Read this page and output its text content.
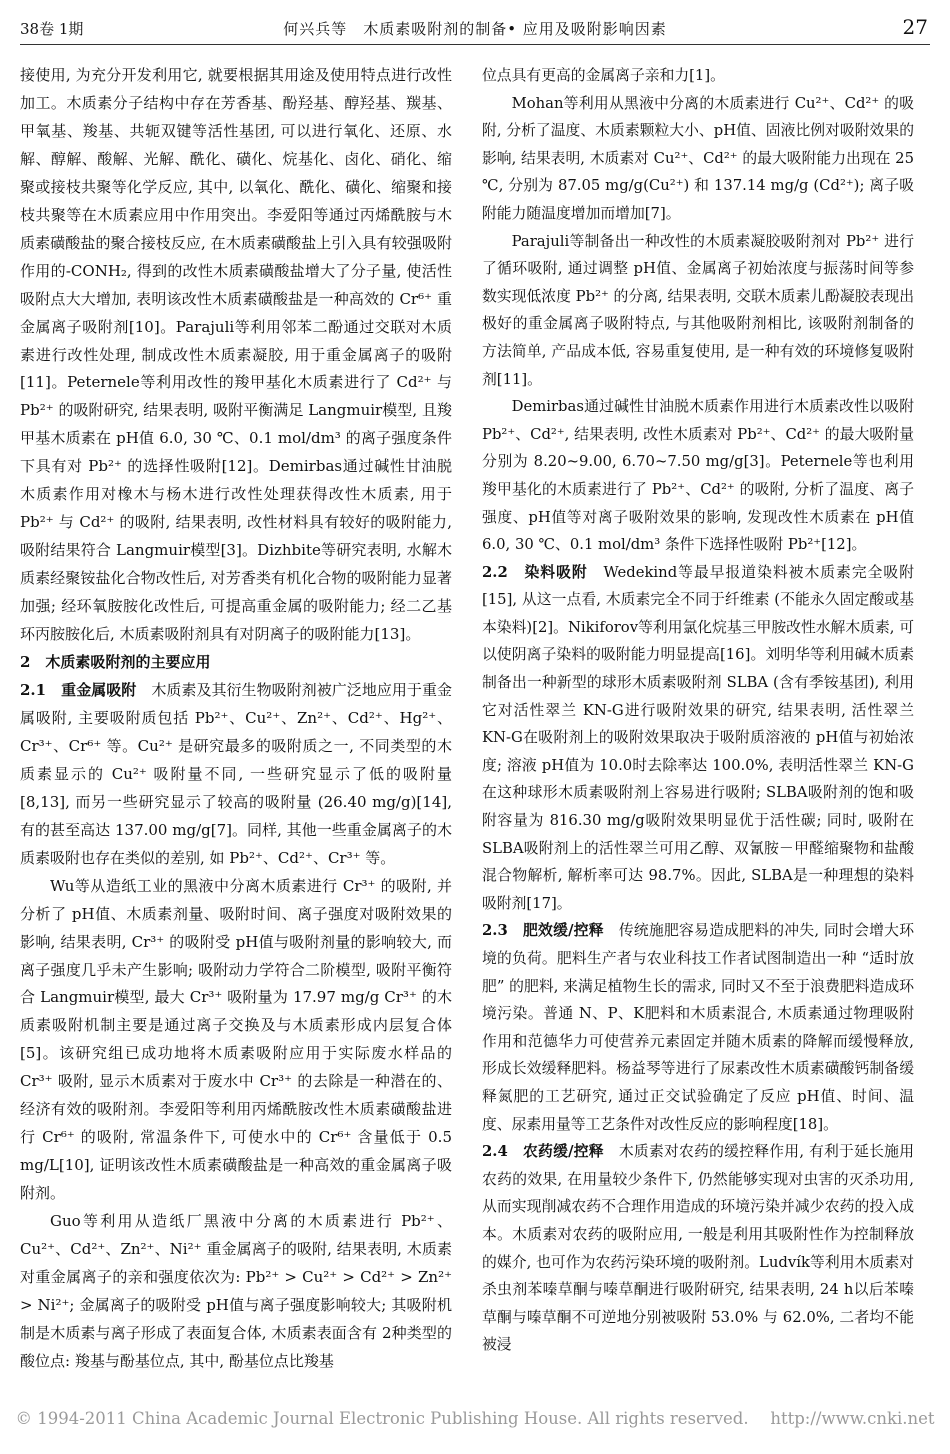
38卷 1期	何兴兵等　木质素吸附剂的制备• 应用及吸附影响因素	27

接使用, 为充分开发利用它, 就要根据其用途及使用特点进行改性加工。木质素分子结构中存在芳香基、酚羟基、醇羟基、羰基、甲氧基、羧基、共轭双键等活性基团, 可以进行氧化、还原、水解、醇解、酸解、光解、酰化、磺化、烷基化、卤化、硝化、缩聚或接枝共聚等化学反应, 其中, 以氧化、酰化、磺化、缩聚和接枝共聚等在木质素应用中作用突出。李爱阳等通过丙烯酰胺与木质素磺酸盐的聚合接枝反应, 在木质素磺酸盐上引入具有较强吸附作用的-CONH₂, 得到的改性木质素磺酸盐增大了分子量, 使活性吸附点大大增加, 表明该改性木质素磺酸盐是一种高效的 Cr⁶⁺ 重金属离子吸附剂[10]。Parajuli等利用邻苯二酚通过交联对木质素进行改性处理, 制成改性木质素凝胶, 用于重金属离子的吸附[11]。Peternele等利用改性的羧甲基化木质素进行了 Cd²⁺ 与 Pb²⁺ 的吸附研究, 结果表明, 吸附平衡满足 Langmuir模型, 且羧甲基木质素在 pH值 6.0, 30 ℃、0.1 mol/dm³ 的离子强度条件下具有对 Pb²⁺ 的选择性吸附[12]。Demirbas通过碱性甘油脱木质素作用对橡木与杨木进行改性处理获得改性木质素, 用于 Pb²⁺ 与 Cd²⁺ 的吸附, 结果表明, 改性材料具有较好的吸附能力, 吸附结果符合 Langmuir模型[3]。Dizhbite等研究表明, 水解木质素经聚铵盐化合物改性后, 对芳香类有机化合物的吸附能力显著加强; 经环氧胺胺化改性后, 可提高重金属的吸附能力; 经二乙基环丙胺胺化后, 木质素吸附剂具有对阴离子的吸附能力[13]。

2　木质素吸附剂的主要应用

2.1　重金属吸附　木质素及其衍生物吸附剂被广泛地应用于重金属吸附, 主要吸附质包括 Pb²⁺、Cu²⁺、Zn²⁺、Cd²⁺、Hg²⁺、Cr³⁺、Cr⁶⁺ 等。Cu²⁺ 是研究最多的吸附质之一, 不同类型的木质素显示的 Cu²⁺ 吸附量不同, 一些研究显示了低的吸附量[8,13], 而另一些研究显示了较高的吸附量 (26.40 mg/g)[14], 有的甚至高达 137.00 mg/g[7]。同样, 其他一些重金属离子的木质素吸附也存在类似的差别, 如 Pb²⁺、Cd²⁺、Cr³⁺ 等。

Wu等从造纸工业的黑液中分离木质素进行 Cr³⁺ 的吸附, 并分析了 pH值、木质素剂量、吸附时间、离子强度对吸附效果的影响, 结果表明, Cr³⁺ 的吸附受 pH值与吸附剂量的影响较大, 而离子强度几乎未产生影响; 吸附动力学符合二阶模型, 吸附平衡符合 Langmuir模型, 最大 Cr³⁺ 吸附量为 17.97 mg/g Cr³⁺ 的木质素吸附机制主要是通过离子交换及与木质素形成内层复合体[5]。该研究组已成功地将木质素吸附应用于实际废水样品的 Cr³⁺ 吸附, 显示木质素对于废水中 Cr³⁺ 的去除是一种潜在的、经济有效的吸附剂。李爱阳等利用丙烯酰胺改性木质素磺酸盐进行 Cr⁶⁺ 的吸附, 常温条件下, 可使水中的 Cr⁶⁺ 含量低于 0.5 mg/L[10], 证明该改性木质素磺酸盐是一种高效的重金属离子吸附剂。

Guo等利用从造纸厂黑液中分离的木质素进行 Pb²⁺、Cu²⁺、Cd²⁺、Zn²⁺、Ni²⁺ 重金属离子的吸附, 结果表明, 木质素对重金属离子的亲和强度依次为: Pb²⁺ > Cu²⁺ > Cd²⁺ > Zn²⁺ > Ni²⁺; 金属离子的吸附受 pH值与离子强度影响较大; 其吸附机制是木质素与离子形成了表面复合体, 木质素表面含有 2种类型的酸位点: 羧基与酚基位点, 其中, 酚基位点比羧基

位点具有更高的金属离子亲和力[1]。

Mohan等利用从黑液中分离的木质素进行 Cu²⁺、Cd²⁺ 的吸附, 分析了温度、木质素颗粒大小、pH值、固液比例对吸附效果的影响, 结果表明, 木质素对 Cu²⁺、Cd²⁺ 的最大吸附能力出现在 25 ℃, 分别为 87.05 mg/g(Cu²⁺) 和 137.14 mg/g (Cd²⁺); 离子吸附能力随温度增加而增加[7]。

Parajuli等制备出一种改性的木质素凝胶吸附剂对 Pb²⁺ 进行了循环吸附, 通过调整 pH值、金属离子初始浓度与振荡时间等参数实现低浓度 Pb²⁺ 的分离, 结果表明, 交联木质素儿酚凝胶表现出极好的重金属离子吸附特点, 与其他吸附剂相比, 该吸附剂制备的方法简单, 产品成本低, 容易重复使用, 是一种有效的环境修复吸附剂[11]。

Demirbas通过碱性甘油脱木质素作用进行木质素改性以吸附 Pb²⁺、Cd²⁺, 结果表明, 改性木质素对 Pb²⁺、Cd²⁺ 的最大吸附量分别为 8.20~9.00, 6.70~7.50 mg/g[3]。Peternele等也利用羧甲基化的木质素进行了 Pb²⁺、Cd²⁺ 的吸附, 分析了温度、离子强度、pH值等对离子吸附效果的影响, 发现改性木质素在 pH值 6.0, 30 ℃、0.1 mol/dm³ 条件下选择性吸附 Pb²⁺[12]。

2.2　染料吸附　Wedekind等最早报道染料被木质素完全吸附[15], 从这一点看, 木质素完全不同于纤维素 (不能永久固定酸或基本染料)[2]。Nikiforov等利用氯化烷基三甲胺改性水解木质素, 可以使阴离子染料的吸附能力明显提高[16]。刘明华等利用碱木质素制备出一种新型的球形木质素吸附剂 SLBA (含有季铵基团), 利用它对活性翠兰 KN-G进行吸附效果的研究, 结果表明, 活性翠兰 KN-G在吸附剂上的吸附效果取决于吸附质溶液的 pH值与初始浓度; 溶液 pH值为 10.0时去除率达 100.0%, 表明活性翠兰 KN-G在这种球形木质素吸附剂上容易进行吸附; SLBA吸附剂的饱和吸附容量为 816.30 mg/g吸附效果明显优于活性碳; 同时, 吸附在 SLBA吸附剂上的活性翠兰可用乙醇、双氰胺－甲醛缩聚物和盐酸混合物解析, 解析率可达 98.7%。因此, SLBA是一种理想的染料吸附剂[17]。

2.3　肥效缓/控释　传统施肥容易造成肥料的冲失, 同时会增大环境的负荷。肥料生产者与农业科技工作者试图制造出一种 “适时放肥” 的肥料, 来满足植物生长的需求, 同时又不至于浪费肥料造成环境污染。普通 N、P、K肥料和木质素混合, 木质素通过物理吸附作用和范德华力可使营养元素固定并随木质素的降解而缓慢释放, 形成长效缓释肥料。杨益琴等进行了尿素改性木质素磺酸钙制备缓释氮肥的工艺研究, 通过正交试验确定了反应 pH值、时间、温度、尿素用量等工艺条件对改性反应的影响程度[18]。

2.4　农药缓/控释　木质素对农药的缓控释作用, 有利于延长施用农药的效果, 在用量较少条件下, 仍然能够实现对虫害的灭杀功用, 从而实现削减农药不合理作用造成的环境污染并减少农药的投入成本。木质素对农药的吸附应用, 一般是利用其吸附性作为控制释放的媒介, 也可作为农药污染环境的吸附剂。Ludvík等利用木质素对杀虫剂苯嗪草酮与嗪草酮进行吸附研究, 结果表明, 24 h以后苯嗪草酮与嗪草酮不可逆地分别被吸附 53.0% 与 62.0%, 二者均不能被浸

© 1994-2011 China Academic Journal Electronic Publishing House. All rights reserved.　 http://www.cnki.net
